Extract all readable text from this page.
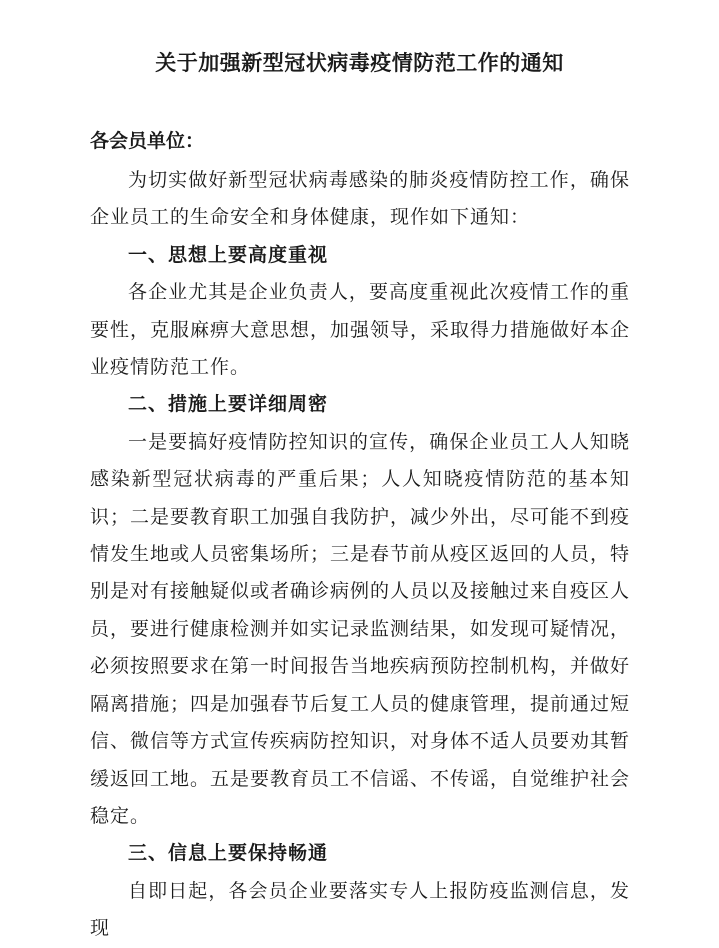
关于加强新型冠状病毒疫情防范工作的通知

各会员单位：

为切实做好新型冠状病毒感染的肺炎疫情防控工作，确保企业员工的生命安全和身体健康，现作如下通知：

一、思想上要高度重视

各企业尤其是企业负责人，要高度重视此次疫情工作的重要性，克服麻痹大意思想，加强领导，采取得力措施做好本企业疫情防范工作。

二、措施上要详细周密

一是要搞好疫情防控知识的宣传，确保企业员工人人知晓感染新型冠状病毒的严重后果；人人知晓疫情防范的基本知识；二是要教育职工加强自我防护，减少外出，尽可能不到疫情发生地或人员密集场所；三是春节前从疫区返回的人员，特别是对有接触疑似或者确诊病例的人员以及接触过来自疫区人员，要进行健康检测并如实记录监测结果，如发现可疑情况，必须按照要求在第一时间报告当地疾病预防控制机构，并做好隔离措施；四是加强春节后复工人员的健康管理，提前通过短信、微信等方式宣传疾病防控知识，对身体不适人员要劝其暂缓返回工地。五是要教育员工不信谣、不传谣，自觉维护社会稳定。

三、信息上要保持畅通

自即日起，各会员企业要落实专人上报防疫监测信息，发现
